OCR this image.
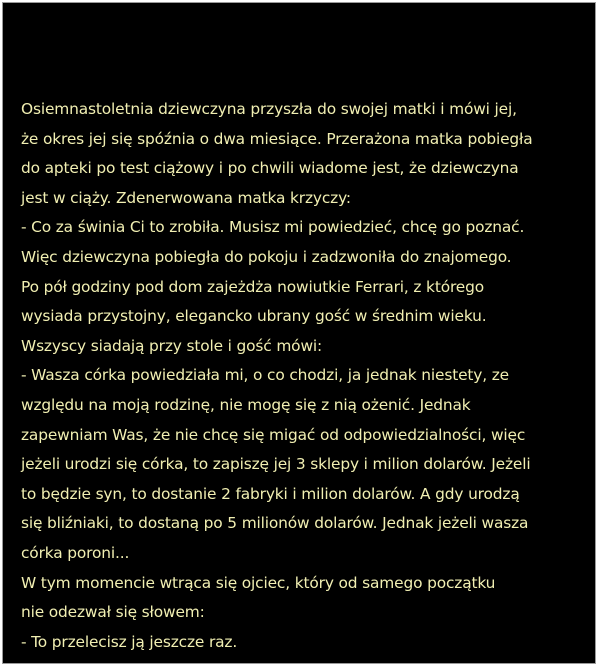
Osiemnastoletnia dziewczyna przyszła do swojej matki i mówi jej,
że okres jej się spóźnia o dwa miesiące. Przerażona matka pobiegła
do apteki po test ciążowy i po chwili wiadome jest, że dziewczyna
jest w ciąży. Zdenerwowana matka krzyczy:
- Co za świnia Ci to zrobiła. Musisz mi powiedzieć, chcę go poznać.
Więc dziewczyna pobiegła do pokoju i zadzwoniła do znajomego.
Po pół godziny pod dom zajeżdża nowiutkie Ferrari, z którego
wysiada przystojny, elegancko ubrany gość w średnim wieku.
Wszyscy siadają przy stole i gość mówi:
- Wasza córka powiedziała mi, o co chodzi, ja jednak niestety, ze
względu na moją rodzinę, nie mogę się z nią ożenić. Jednak
zapewniam Was, że nie chcę się migać od odpowiedzialności, więc
jeżeli urodzi się córka, to zapiszę jej 3 sklepy i milion dolarów. Jeżeli
to będzie syn, to dostanie 2 fabryki i milion dolarów. A gdy urodzą
się bliźniaki, to dostaną po 5 milionów dolarów. Jednak jeżeli wasza
córka poroni...
W tym momencie wtrąca się ojciec, który od samego początku
nie odezwał się słowem:
- To przelecisz ją jeszcze raz.
